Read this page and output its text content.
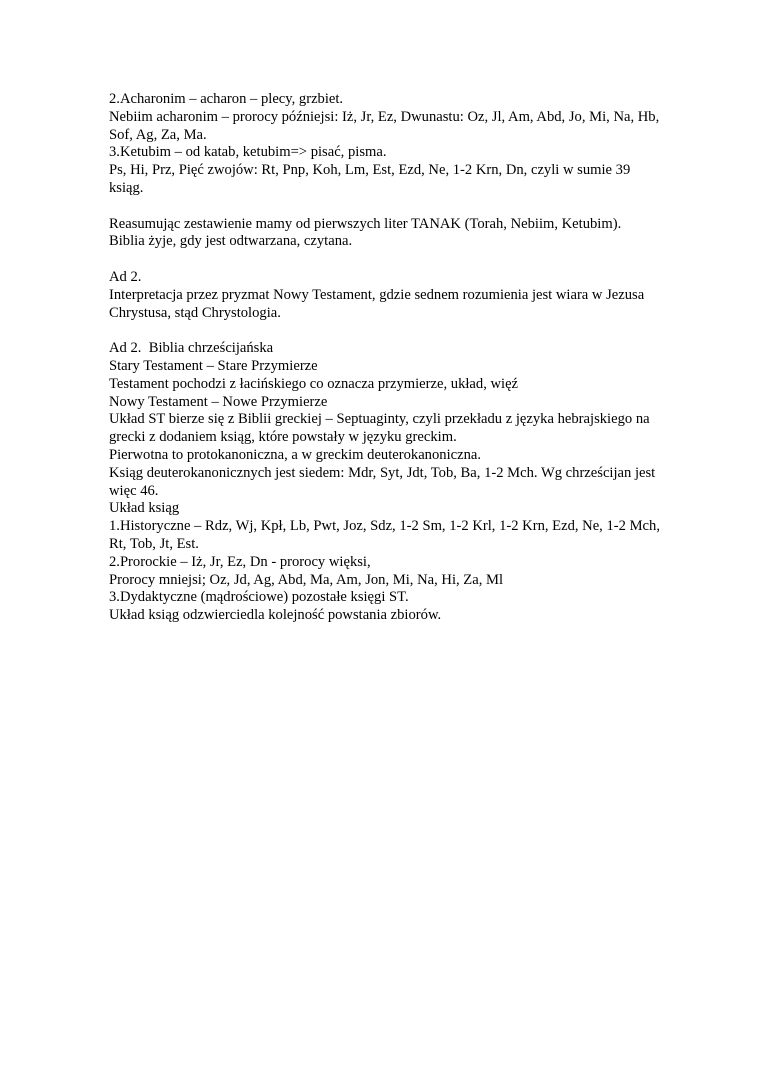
2.Acharonim – acharon – plecy, grzbiet.
Nebiim acharonim – prorocy późniejsi: Iż, Jr, Ez, Dwunastu: Oz, Jl, Am, Abd, Jo, Mi, Na, Hb,
Sof, Ag, Za, Ma.
3.Ketubim – od katab, ketubim=> pisać, pisma.
Ps, Hi, Prz, Pięć zwojów: Rt, Pnp, Koh, Lm, Est, Ezd, Ne, 1-2 Krn, Dn, czyli w sumie 39
ksiąg.
Reasumując zestawienie mamy od pierwszych liter TANAK (Torah, Nebiim, Ketubim).
Biblia żyje, gdy jest odtwarzana, czytana.
Ad 2.
Interpretacja przez pryzmat Nowy Testament, gdzie sednem rozumienia jest wiara w Jezusa
Chrystusa, stąd Chrystologia.
Ad 2.  Biblia chrześcijańska
Stary Testament – Stare Przymierze
Testament pochodzi z łacińskiego co oznacza przymierze, układ, więź
Nowy Testament – Nowe Przymierze
Układ ST bierze się z Biblii greckiej – Septuaginty, czyli przekładu z języka hebrajskiego na
grecki z dodaniem ksiąg, które powstały w języku greckim.
Pierwotna to protokanoniczna, a w greckim deuterokanoniczna.
Ksiąg deuterokanonicznych jest siedem: Mdr, Syt, Jdt, Tob, Ba, 1-2 Mch. Wg chrześcijan jest
więc 46.
Układ ksiąg
1.Historyczne – Rdz, Wj, Kpł, Lb, Pwt, Joz, Sdz, 1-2 Sm, 1-2 Krl, 1-2 Krn, Ezd, Ne, 1-2 Mch,
Rt, Tob, Jt, Est.
2.Prorockie – Iż, Jr, Ez, Dn - prorocy więksi,
Prorocy mniejsi; Oz, Jd, Ag, Abd, Ma, Am, Jon, Mi, Na, Hi, Za, Ml
3.Dydaktyczne (mądrościowe) pozostałe księgi ST.
Układ ksiąg odzwierciedla kolejność powstania zbiorów.
